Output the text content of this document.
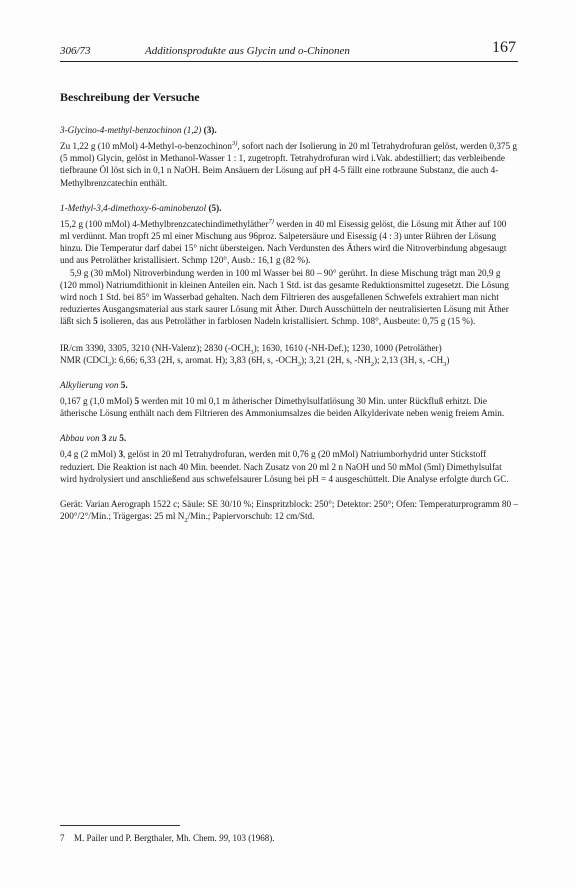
306/73	Additionsprodukte aus Glycin und o-Chinonen	167
Beschreibung der Versuche
3-Glycino-4-methyl-benzochinon (1,2) (3).

Zu 1,22 g (10 mMol) 4-Methyl-o-benzochinon$^{3)}$, sofort nach der Isolierung in 20 ml Tetrahydrofuran gelöst, werden 0,375 g (5 mmol) Glycin, gelöst in Methanol-Wasser 1 : 1, zugetropft. Tetrahydrofuran wird i.Vak. abdestilliert; das verbleibende tiefbraune Öl löst sich in 0,1 n NaOH. Beim Ansäuern der Lösung auf pH 4-5 fällt eine rotbraune Substanz, die auch 4-Methylbrenzcatechin enthält.

1-Methyl-3,4-dimethoxy-6-aminobenzol (5).

15,2 g (100 mMol) 4-Methylbrenzcatechindimethyläther$^{7)}$ werden in 40 ml Eisessig gelöst, die Lösung mit Äther auf 100 ml verdünnt. Man tropft 25 ml einer Mischung aus 96proz. Salpetersäure und Eisessig (4 : 3) unter Rühren der Lösung hinzu. Die Temperatur darf dabei 15° nicht übersteigen. Nach Verdunsten des Äthers wird die Nitroverbindung abgesaugt und aus Petroläther kristallisiert. Schmp 120°, Ausb.: 16,1 g (82 %).

5,9 g (30 mMol) Nitroverbindung werden in 100 ml Wasser bei 80 – 90° gerührt. In diese Mischung trägt man 20,9 g (120 mmol) Natriumdithionit in kleinen Anteilen ein. Nach 1 Std. ist das gesamte Reduktionsmittel zugesetzt. Die Lösung wird noch 1 Std. bei 85° im Wasserbad gehalten. Nach dem Filtrieren des ausgefallenen Schwefels extrahiert man nicht reduziertes Ausgangsmaterial aus stark saurer Lösung mit Äther. Durch Ausschütteln der neutralisierten Lösung mit Äther läßt sich 5 isolieren, das aus Petroläther in farblosen Nadeln kristallisiert. Schmp. 108°, Ausbeute: 0,75 g (15 %).

IR/cm 3390, 3305, 3210 (NH-Valenz); 2830 $(-OCH_3)$; 1630, 1610 (-NH-Def.); 1230, 1000 (Petroläther)

NMR (CDCl$_3$): 6,66; 6,33 (2H, s, aromat. H); 3,83 (6H, s, $-OCH_3$); 3,21 (2H, s, $-NH_2$); 2,13 (3H, s, $-CH_3$)

Alkylierung von 5.

0,167 g (1,0 mMol) 5 werden mit 10 ml 0,1 m ätherischer Dimethylsulfatlösung 30 Min. unter Rückfluß erhitzt. Die ätherische Lösung enthält nach dem Filtrieren des Ammoniumsalzes die beiden Alkylderivate neben wenig freiem Amin.

Abbau von 3 zu 5.

0,4 g (2 mMol) 3, gelöst in 20 ml Tetrahydrofuran, werden mit 0,76 g (20 mMol) Natriumborhydrid unter Stickstoff reduziert. Die Reaktion ist nach 40 Min. beendet. Nach Zusatz von 20 ml 2 n NaOH und 50 mMol (5ml) Dimethylsulfat wird hydrolysiert und anschließend aus schwefelsaurer Lösung bei pH = 4 ausgeschüttelt. Die Analyse erfolgte durch GC.

Gerät: Varian Aerograph 1522 c; Säule: SE 30/10 %; Einspritzblock: 250°; Detektor: 250°; Ofen: Temperaturprogramm 80 – 200°/2°/Min.; Trägergas: 25 ml $N_2$/Min.; Papiervorschub: 12 cm/Std.

7 M. Pailer und P. Bergthaler, Mh. Chem. 99, 103 (1968).
